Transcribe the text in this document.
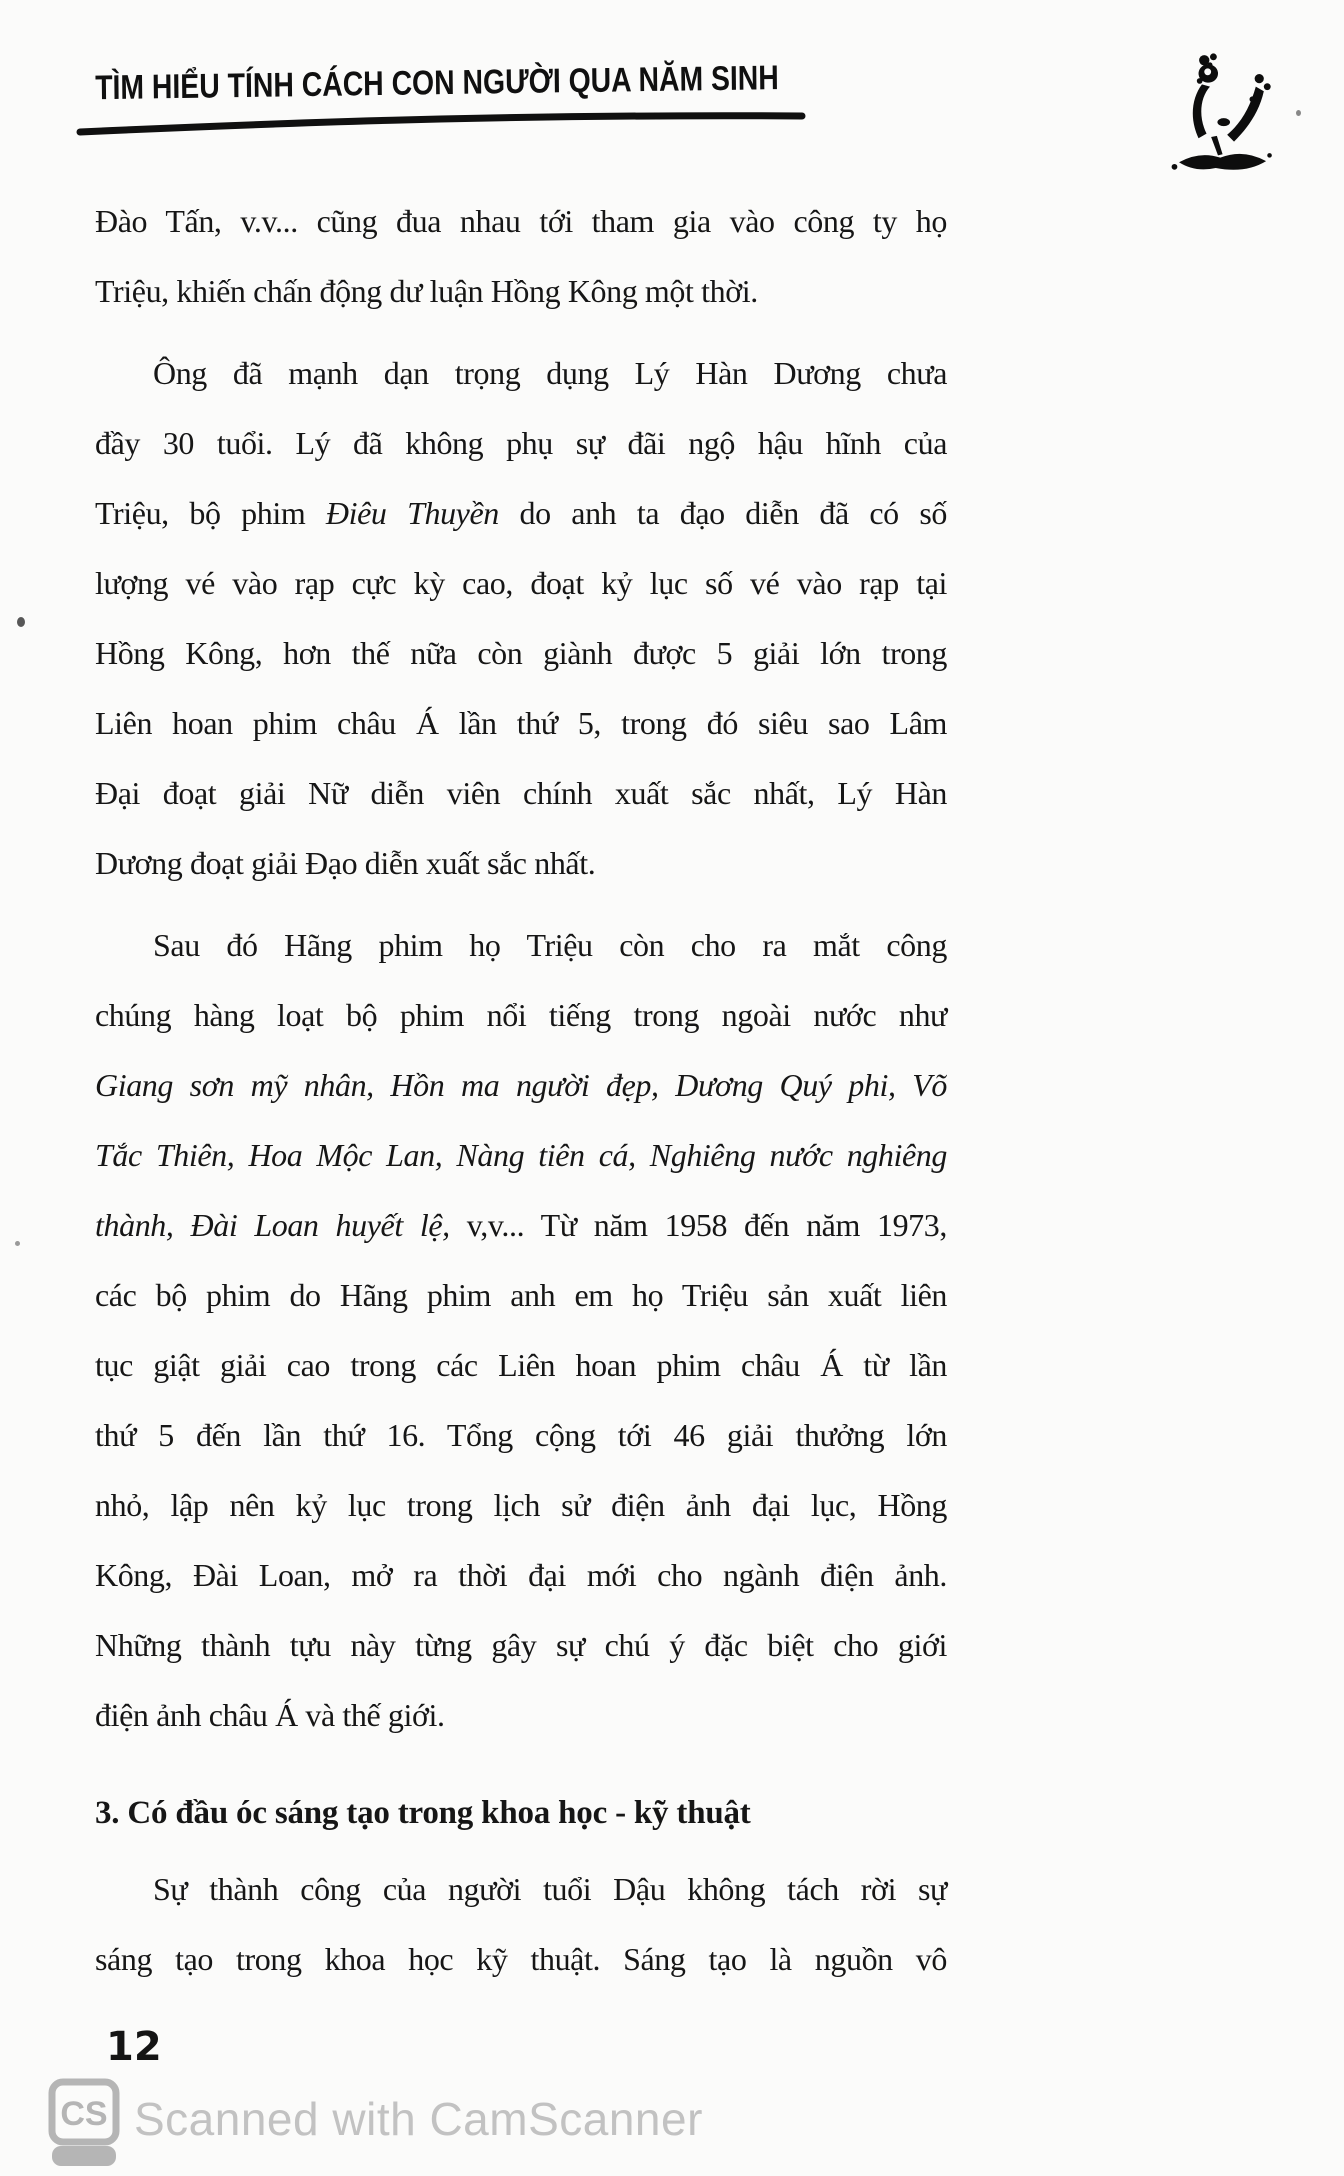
TÌM HIỂU TÍNH CÁCH CON NGƯỜI QUA NĂM SINH
Đào Tấn, v.v... cũng đua nhau tới tham gia vào công ty họ
Triệu, khiến chấn động dư luận Hồng Kông một thời.
Ông đã mạnh dạn trọng dụng Lý Hàn Dương chưa
đầy 30 tuổi. Lý đã không phụ sự đãi ngộ hậu hĩnh của
Triệu, bộ phim Điêu Thuyền do anh ta đạo diễn đã có số
lượng vé vào rạp cực kỳ cao, đoạt kỷ lục số vé vào rạp tại
Hồng Kông, hơn thế nữa còn giành được 5 giải lớn trong
Liên hoan phim châu Á lần thứ 5, trong đó siêu sao Lâm
Đại đoạt giải Nữ diễn viên chính xuất sắc nhất, Lý Hàn
Dương đoạt giải Đạo diễn xuất sắc nhất.
Sau đó Hãng phim họ Triệu còn cho ra mắt công
chúng hàng loạt bộ phim nổi tiếng trong ngoài nước như
Giang sơn mỹ nhân, Hồn ma người đẹp, Dương Quý phi, Võ
Tắc Thiên, Hoa Mộc Lan, Nàng tiên cá, Nghiêng nước nghiêng
thành, Đài Loan huyết lệ, v,v... Từ năm 1958 đến năm 1973,
các bộ phim do Hãng phim anh em họ Triệu sản xuất liên
tục giật giải cao trong các Liên hoan phim châu Á từ lần
thứ 5 đến lần thứ 16. Tổng cộng tới 46 giải thưởng lớn
nhỏ, lập nên kỷ lục trong lịch sử điện ảnh đại lục, Hồng
Kông, Đài Loan, mở ra thời đại mới cho ngành điện ảnh.
Những thành tựu này từng gây sự chú ý đặc biệt cho giới
điện ảnh châu Á và thế giới.
3. Có đầu óc sáng tạo trong khoa học - kỹ thuật
Sự thành công của người tuổi Dậu không tách rời sự
sáng tạo trong khoa học kỹ thuật. Sáng tạo là nguồn vô
12
CS Scanned with CamScanner
